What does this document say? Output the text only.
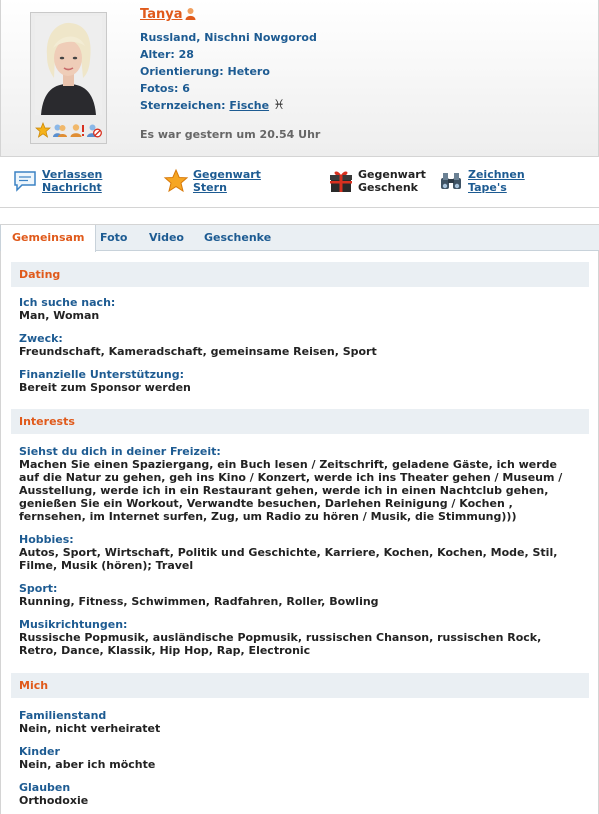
Tanya
Russland, Nischni Nowgorod
Alter: 28
Orientierung: Hetero
Fotos: 6
Sternzeichen: Fische ♓
Es war gestern um 20.54 Uhr
Verlassen
Nachricht
Gegenwart
Stern
Gegenwart
Geschenk
Zeichnen
Tape's
Gemeinsam	Foto Video Geschenke
Dating
Ich suche nach:
Man, Woman
Zweck:
Freundschaft, Kameradschaft, gemeinsame Reisen, Sport
Finanzielle Unterstützung:
Bereit zum Sponsor werden
Interests
Siehst du dich in deiner Freizeit:
Machen Sie einen Spaziergang, ein Buch lesen / Zeitschrift, geladene Gäste, ich werde auf die Natur zu gehen, geh ins Kino / Konzert, werde ich ins Theater gehen / Museum / Ausstellung, werde ich in ein Restaurant gehen, werde ich in einen Nachtclub gehen, genießen Sie ein Workout, Verwandte besuchen, Darlehen Reinigung / Kochen , fernsehen, im Internet surfen, Zug, um Radio zu hören / Musik, die Stimmung)))
Hobbies:
Autos, Sport, Wirtschaft, Politik und Geschichte, Karriere, Kochen, Kochen, Mode, Stil, Filme, Musik (hören); Travel
Sport:
Running, Fitness, Schwimmen, Radfahren, Roller, Bowling
Musikrichtungen:
Russische Popmusik, ausländische Popmusik, russischen Chanson, russischen Rock, Retro, Dance, Klassik, Hip Hop, Rap, Electronic
Mich
Familienstand
Nein, nicht verheiratet
Kinder
Nein, aber ich möchte
Glauben
Orthodoxie
